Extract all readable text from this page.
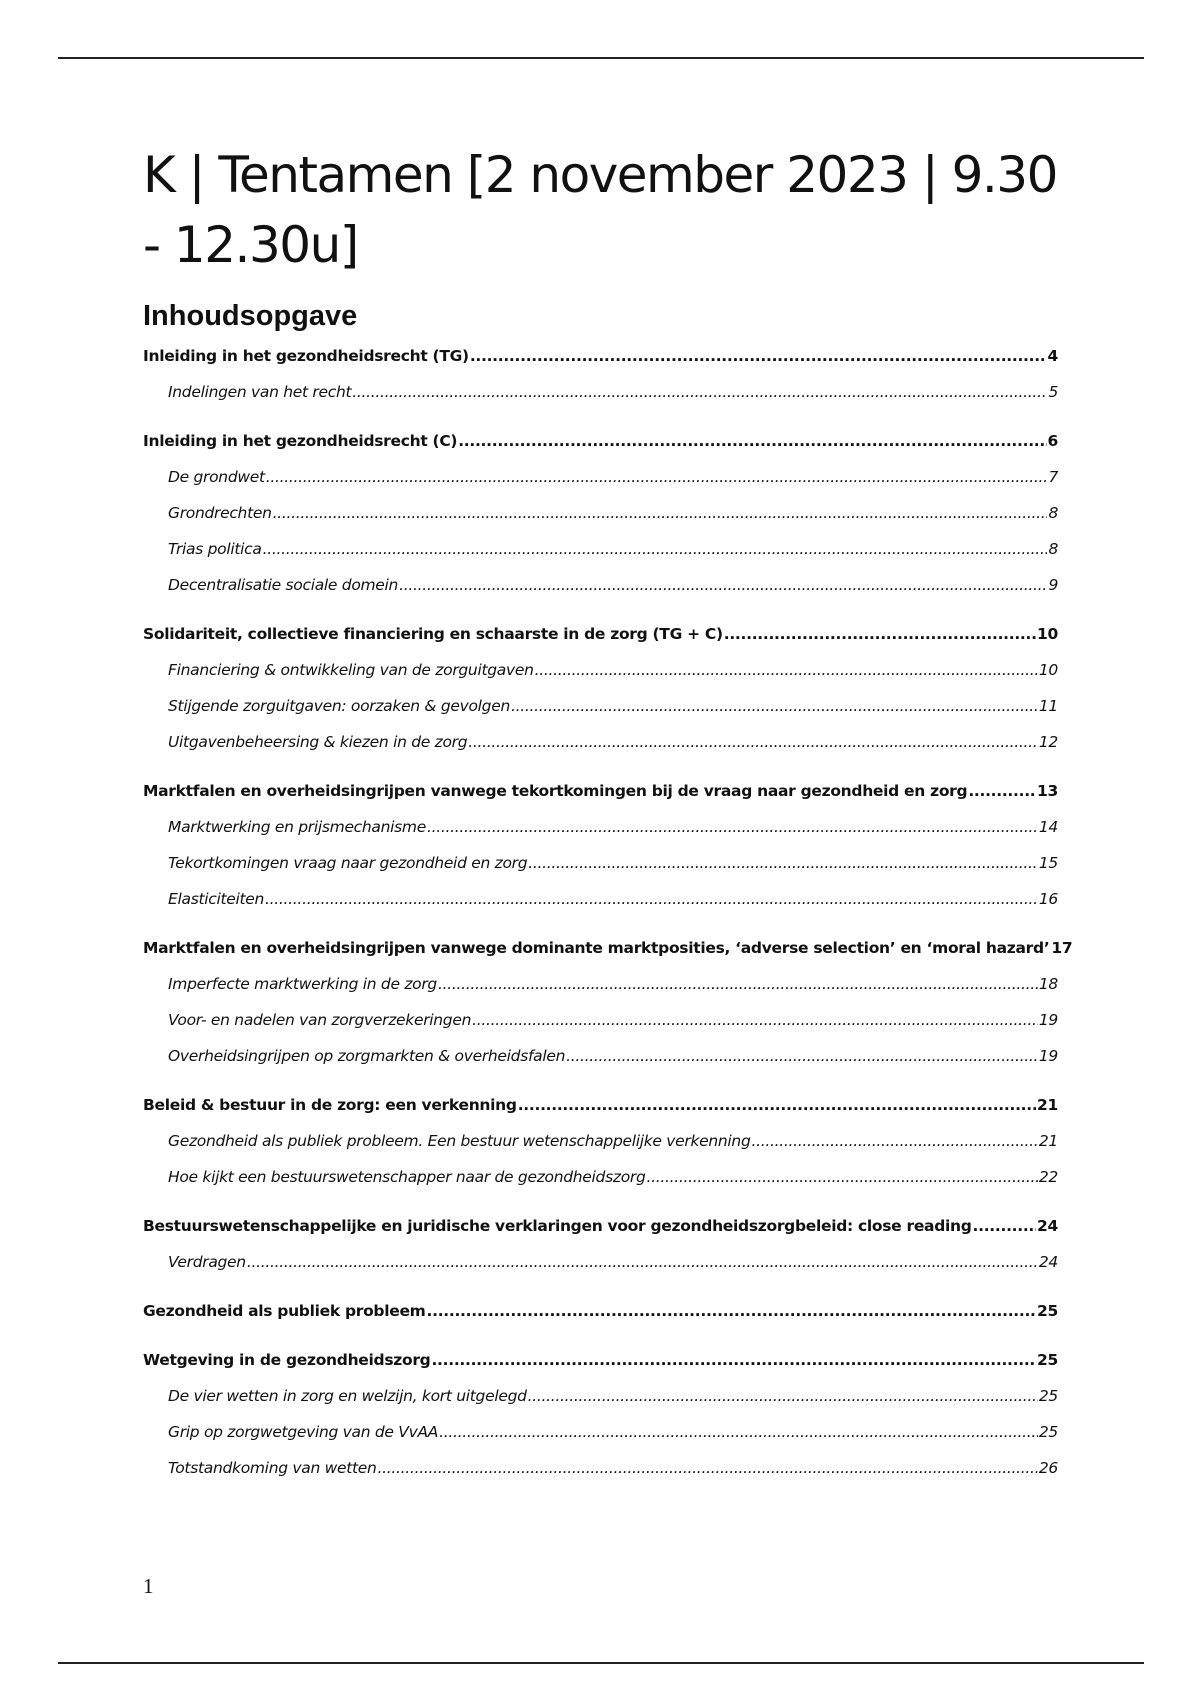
K | Tentamen [2 november 2023 | 9.30 - 12.30u]
Inhoudsopgave
Inleiding in het gezondheidsrecht (TG) .....	4
Indelingen van het recht .....	5
Inleiding in het gezondheidsrecht (C) .....	6
De grondwet .....	7
Grondrechten .....	8
Trias politica .....	8
Decentralisatie sociale domein .....	9
Solidariteit, collectieve financiering en schaarste in de zorg (TG + C) .....	10
Financiering & ontwikkeling van de zorguitgaven .....	10
Stijgende zorguitgaven: oorzaken & gevolgen .....	11
Uitgavenbeheersing & kiezen in de zorg .....	12
Marktfalen en overheidsingrijpen vanwege tekortkomingen bij de vraag naar gezondheid en zorg .....	13
Marktwerking en prijsmechanisme .....	14
Tekortkomingen vraag naar gezondheid en zorg .....	15
Elasticiteiten .....	16
Marktfalen en overheidsingrijpen vanwege dominante marktposities, ‘adverse selection’ en ‘moral hazard’ 17
Imperfecte marktwerking in de zorg .....	18
Voor- en nadelen van zorgverzekeringen .....	19
Overheidsingrijpen op zorgmarkten & overheidsfalen .....	19
Beleid & bestuur in de zorg: een verkenning .....	21
Gezondheid als publiek probleem. Een bestuur wetenschappelijke verkenning .....	21
Hoe kijkt een bestuurswetenschapper naar de gezondheidszorg .....	22
Bestuurswetenschappelijke en juridische verklaringen voor gezondheidszorgbeleid: close reading .....	24
Verdragen .....	24
Gezondheid als publiek probleem .....	25
Wetgeving in de gezondheidszorg .....	25
De vier wetten in zorg en welzijn, kort uitgelegd .....	25
Grip op zorgwetgeving van de VvAA .....	25
Totstandkoming van wetten .....	26
1
